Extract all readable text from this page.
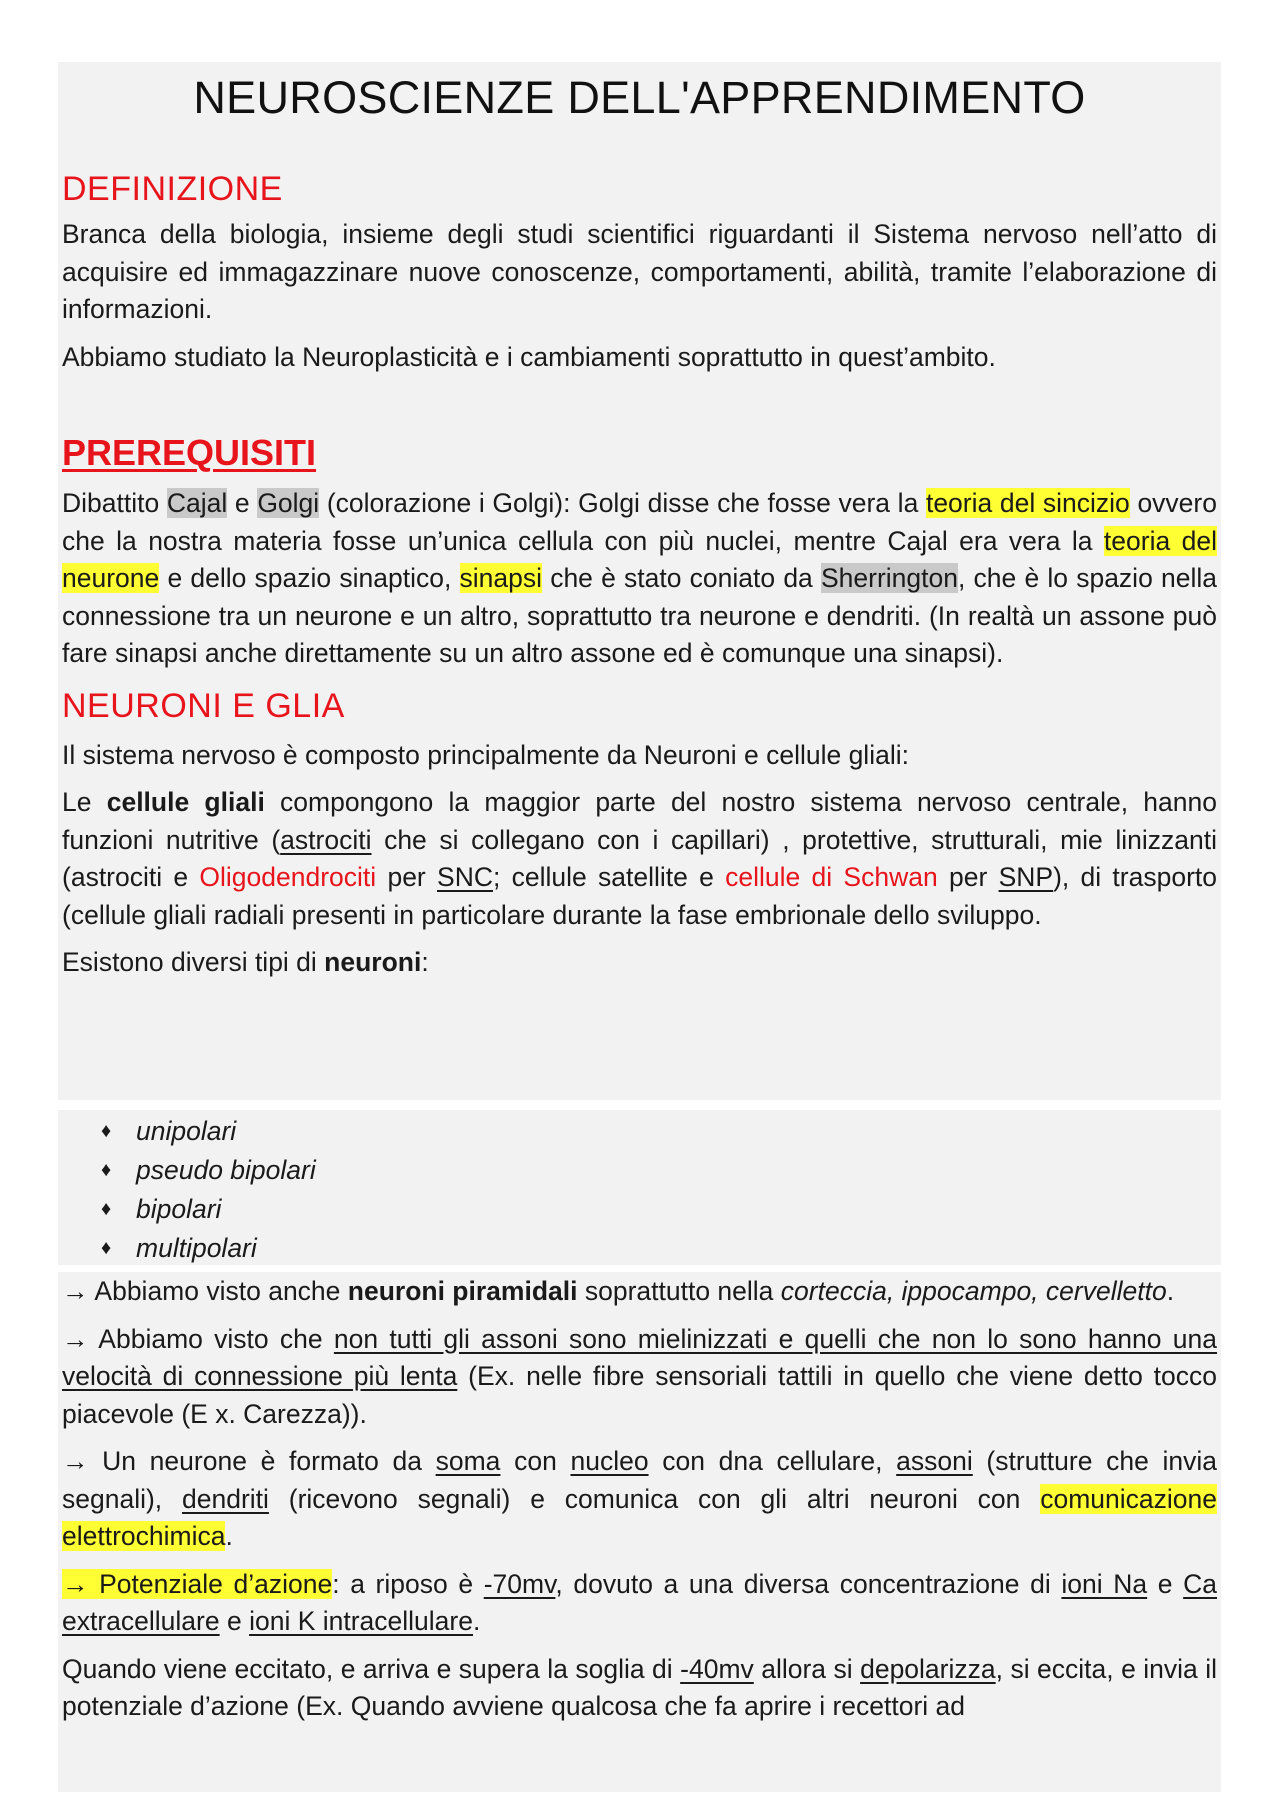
NEUROSCIENZE DELL'APPRENDIMENTO
DEFINIZIONE

Branca della biologia, insieme degli studi scientifici riguardanti il Sistema nervoso nell’atto di acquisire ed immagazzinare nuove conoscenze, comportamenti, abilità, tramite l’elaborazione di informazioni.

Abbiamo studiato la Neuroplasticità e i cambiamenti soprattutto in quest’ambito.

PREREQUISITI

Dibattito Cajal e Golgi (colorazione i Golgi): Golgi disse che fosse vera la teoria del sincizio ovvero che la nostra materia fosse un’unica cellula con più nuclei, mentre Cajal era vera la teoria del neurone e dello spazio sinaptico, sinapsi che è stato coniato da Sherrington, che è lo spazio nella connessione tra un neurone e un altro, soprattutto tra neurone e dendriti. (In realtà un assone può fare sinapsi anche direttamente su un altro assone ed è comunque una sinapsi).

NEURONI E GLIA

Il sistema nervoso è composto principalmente da Neuroni e cellule gliali:

Le cellule gliali compongono la maggior parte del nostro sistema nervoso centrale, hanno funzioni nutritive (astrociti che si collegano con i capillari) , protettive, strutturali, mie linizzanti (astrociti e Oligodendrociti per SNC; cellule satellite e cellule di Schwan per SNP), di trasporto (cellule gliali radiali presenti in particolare durante la fase embrionale dello sviluppo.

Esistono diversi tipi di neuroni:

♦ unipolari
♦ pseudo bipolari
♦ bipolari
♦ multipolari

→ Abbiamo visto anche neuroni piramidali soprattutto nella corteccia, ippocampo, cervelletto.

→ Abbiamo visto che non tutti gli assoni sono mielinizzati e quelli che non lo sono hanno una velocità di connessione più lenta (Ex. nelle fibre sensoriali tattili in quello che viene detto tocco piacevole (E x. Carezza)).

→ Un neurone è formato da soma con nucleo con dna cellulare, assoni (strutture che invia segnali), dendriti (ricevono segnali) e comunica con gli altri neuroni con comunicazione elettrochimica.

→ Potenziale d’azione: a riposo è -70mv, dovuto a una diversa concentrazione di ioni Na e Ca extracellulare e ioni K intracellulare.

Quando viene eccitato, e arriva e supera la soglia di -40mv allora si depolarizza, si eccita, e invia il potenziale d’azione (Ex. Quando avviene qualcosa che fa aprire i recettori ad
